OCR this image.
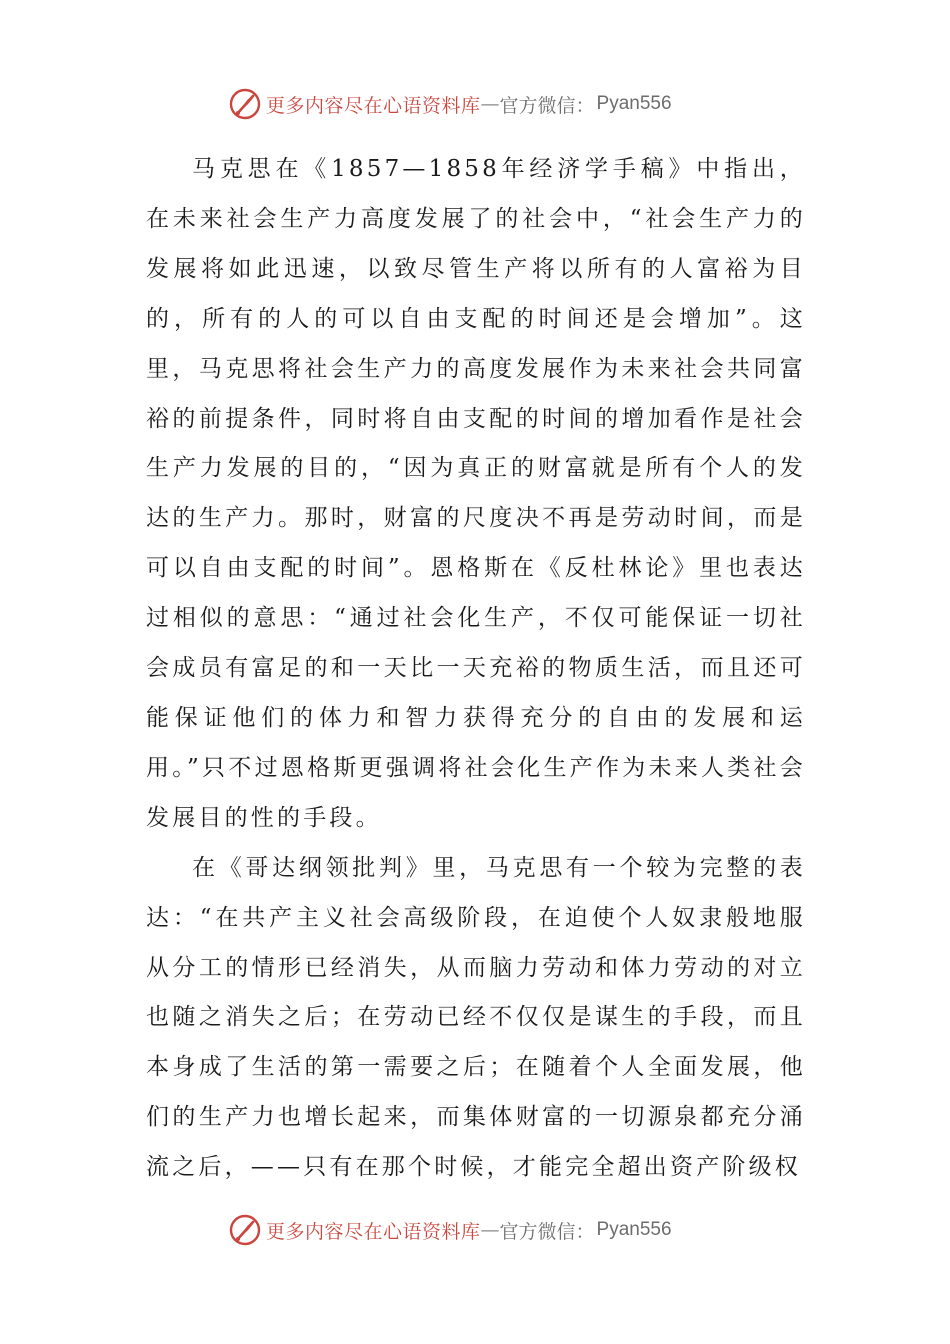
更多内容尽在心语资料库 — 官方微信： Pyan556

马克思在《1857—1858年经济学手稿》中指出，在未来社会生产力高度发展了的社会中，“社会生产力的发展将如此迅速，以致尽管生产将以所有的人富裕为目的，所有的人的可以自由支配的时间还是会增加”。这里，马克思将社会生产力的高度发展作为未来社会共同富裕的前提条件，同时将自由支配的时间的增加看作是社会生产力发展的目的，“因为真正的财富就是所有个人的发达的生产力。那时，财富的尺度决不再是劳动时间，而是可以自由支配的时间”。恩格斯在《反杜林论》里也表达过相似的意思：“通过社会化生产，不仅可能保证一切社会成员有富足的和一天比一天充裕的物质生活，而且还可能保证他们的体力和智力获得充分的自由的发展和运用。”只不过恩格斯更强调将社会化生产作为未来人类社会发展目的性的手段。

在《哥达纲领批判》里，马克思有一个较为完整的表达：“在共产主义社会高级阶段，在迫使个人奴隶般地服从分工的情形已经消失，从而脑力劳动和体力劳动的对立也随之消失之后；在劳动已经不仅仅是谋生的手段，而且本身成了生活的第一需要之后；在随着个人全面发展，他们的生产力也增长起来，而集体财富的一切源泉都充分涌流之后，——只有在那个时候，才能完全超出资产阶级权

更多内容尽在心语资料库 — 官方微信： Pyan556
